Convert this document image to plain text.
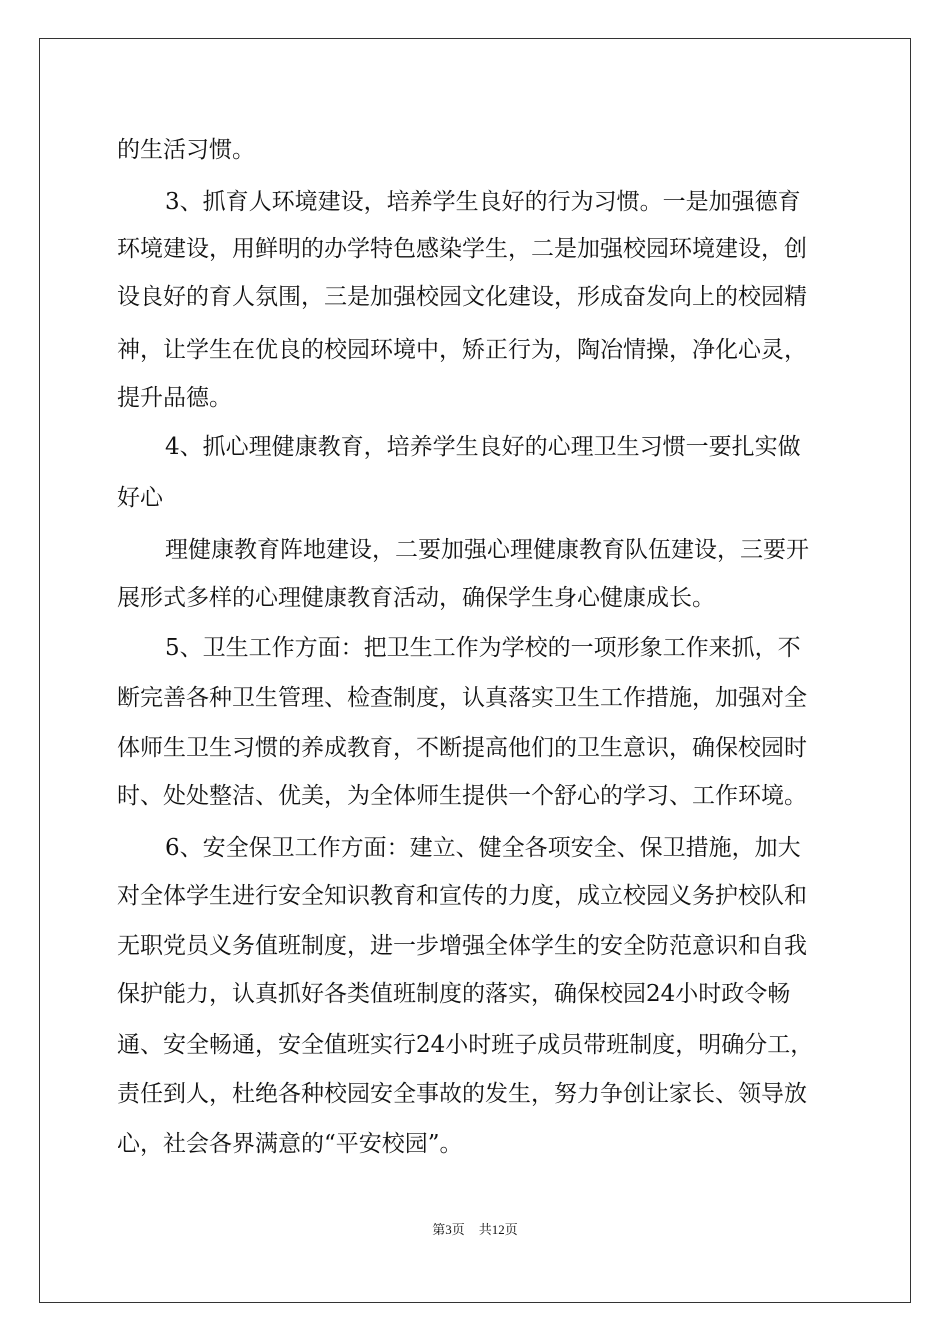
的生活习惯。
3、抓育人环境建设，培养学生良好的行为习惯。一是加强德育
环境建设，用鲜明的办学特色感染学生，二是加强校园环境建设，创
设良好的育人氛围，三是加强校园文化建设，形成奋发向上的校园精
神，让学生在优良的校园环境中，矫正行为，陶冶情操，净化心灵，
提升品德。
4、抓心理健康教育，培养学生良好的心理卫生习惯一要扎实做
好心
理健康教育阵地建设，二要加强心理健康教育队伍建设，三要开
展形式多样的心理健康教育活动，确保学生身心健康成长。
5、卫生工作方面：把卫生工作为学校的一项形象工作来抓，不
断完善各种卫生管理、检查制度，认真落实卫生工作措施，加强对全
体师生卫生习惯的养成教育，不断提高他们的卫生意识，确保校园时
时、处处整洁、优美，为全体师生提供一个舒心的学习、工作环境。
6、安全保卫工作方面：建立、健全各项安全、保卫措施，加大
对全体学生进行安全知识教育和宣传的力度，成立校园义务护校队和
无职党员义务值班制度，进一步增强全体学生的安全防范意识和自我
保护能力，认真抓好各类值班制度的落实，确保校园24小时政令畅
通、安全畅通，安全值班实行24小时班子成员带班制度，明确分工，
责任到人，杜绝各种校园安全事故的发生，努力争创让家长、领导放
心，社会各界满意的“平安校园”。
第3页 共12页
